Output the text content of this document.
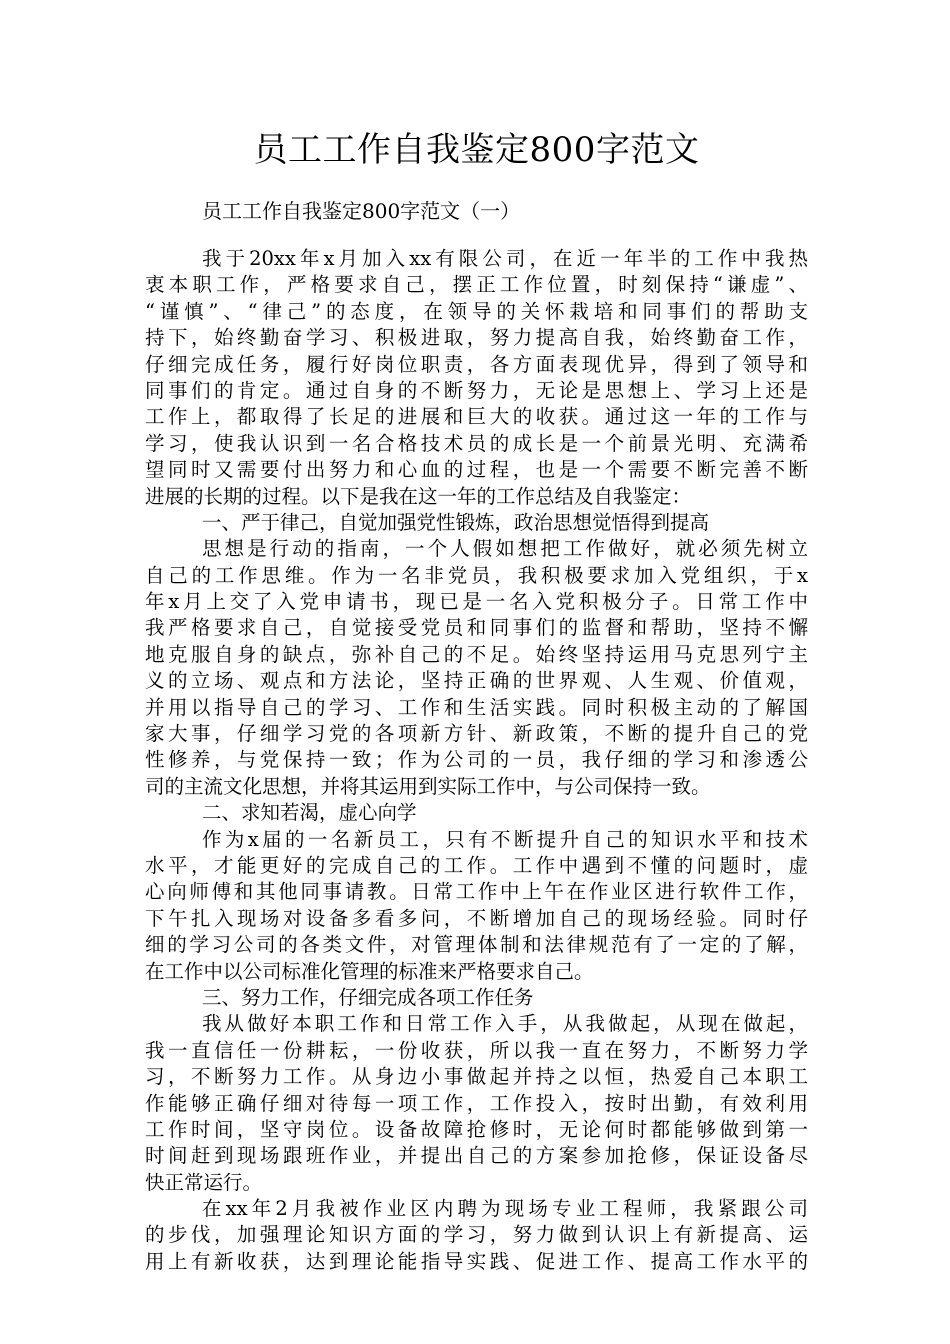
员工工作自我鉴定800字范文
员工工作自我鉴定800字范文（一）
我于20xx年x月加入xx有限公司，在近一年半的工作中我热
衷本职工作，严格要求自己，摆正工作位置，时刻保持“谦虚”、
“谨慎”、“律己”的态度，在领导的关怀栽培和同事们的帮助支
持下，始终勤奋学习、积极进取，努力提高自我，始终勤奋工作，
仔细完成任务，履行好岗位职责，各方面表现优异，得到了领导和
同事们的肯定。通过自身的不断努力，无论是思想上、学习上还是
工作上，都取得了长足的进展和巨大的收获。通过这一年的工作与
学习，使我认识到一名合格技术员的成长是一个前景光明、充满希
望同时又需要付出努力和心血的过程，也是一个需要不断完善不断
进展的长期的过程。以下是我在这一年的工作总结及自我鉴定：
一、严于律己，自觉加强党性锻炼，政治思想觉悟得到提高
思想是行动的指南，一个人假如想把工作做好，就必须先树立
自己的工作思维。作为一名非党员，我积极要求加入党组织，于x
年x月上交了入党申请书，现已是一名入党积极分子。日常工作中
我严格要求自己，自觉接受党员和同事们的监督和帮助，坚持不懈
地克服自身的缺点，弥补自己的不足。始终坚持运用马克思列宁主
义的立场、观点和方法论，坚持正确的世界观、人生观、价值观，
并用以指导自己的学习、工作和生活实践。同时积极主动的了解国
家大事，仔细学习党的各项新方针、新政策，不断的提升自己的党
性修养，与党保持一致；作为公司的一员，我仔细的学习和渗透公
司的主流文化思想，并将其运用到实际工作中，与公司保持一致。
二、求知若渴，虚心向学
作为x届的一名新员工，只有不断提升自己的知识水平和技术
水平，才能更好的完成自己的工作。工作中遇到不懂的问题时，虚
心向师傅和其他同事请教。日常工作中上午在作业区进行软件工作，
下午扎入现场对设备多看多问，不断增加自己的现场经验。同时仔
细的学习公司的各类文件，对管理体制和法律规范有了一定的了解，
在工作中以公司标准化管理的标准来严格要求自己。
三、努力工作，仔细完成各项工作任务
我从做好本职工作和日常工作入手，从我做起，从现在做起，
我一直信任一份耕耘，一份收获，所以我一直在努力，不断努力学
习，不断努力工作。从身边小事做起并持之以恒，热爱自己本职工
作能够正确仔细对待每一项工作，工作投入，按时出勤，有效利用
工作时间，坚守岗位。设备故障抢修时，无论何时都能够做到第一
时间赶到现场跟班作业，并提出自己的方案参加抢修，保证设备尽
快正常运行。
在xx年2月我被作业区内聘为现场专业工程师，我紧跟公司
的步伐，加强理论知识方面的学习，努力做到认识上有新提高、运
用上有新收获，达到理论能指导实践、促进工作、提高工作水平的
